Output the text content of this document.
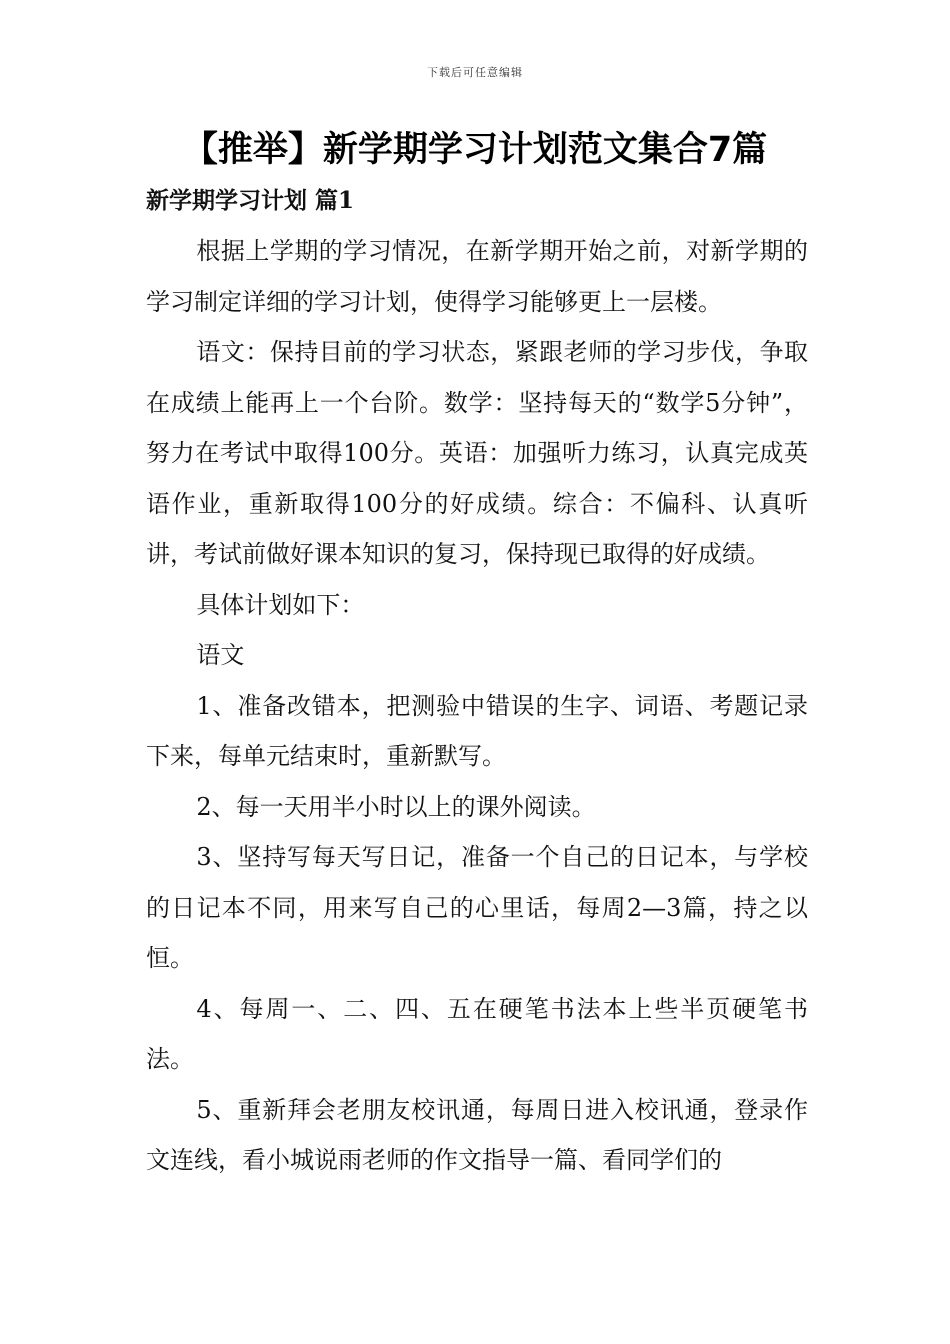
下载后可任意编辑
【推举】新学期学习计划范文集合7篇
新学期学习计划 篇1

根据上学期的学习情况，在新学期开始之前，对新学期的学习制定详细的学习计划，使得学习能够更上一层楼。

语文：保持目前的学习状态，紧跟老师的学习步伐，争取在成绩上能再上一个台阶。数学：坚持每天的“数学5分钟”，努力在考试中取得100分。英语：加强听力练习，认真完成英语作业，重新取得100分的好成绩。综合：不偏科、认真听讲，考试前做好课本知识的复习，保持现已取得的好成绩。

具体计划如下：

语文

1、准备改错本，把测验中错误的生字、词语、考题记录下来，每单元结束时，重新默写。

2、每一天用半小时以上的课外阅读。

3、坚持写每天写日记，准备一个自己的日记本，与学校的日记本不同，用来写自己的心里话，每周2—3篇，持之以恒。

4、每周一、二、四、五在硬笔书法本上些半页硬笔书法。

5、重新拜会老朋友校讯通，每周日进入校讯通，登录作文连线，看小城说雨老师的作文指导一篇、看同学们的
